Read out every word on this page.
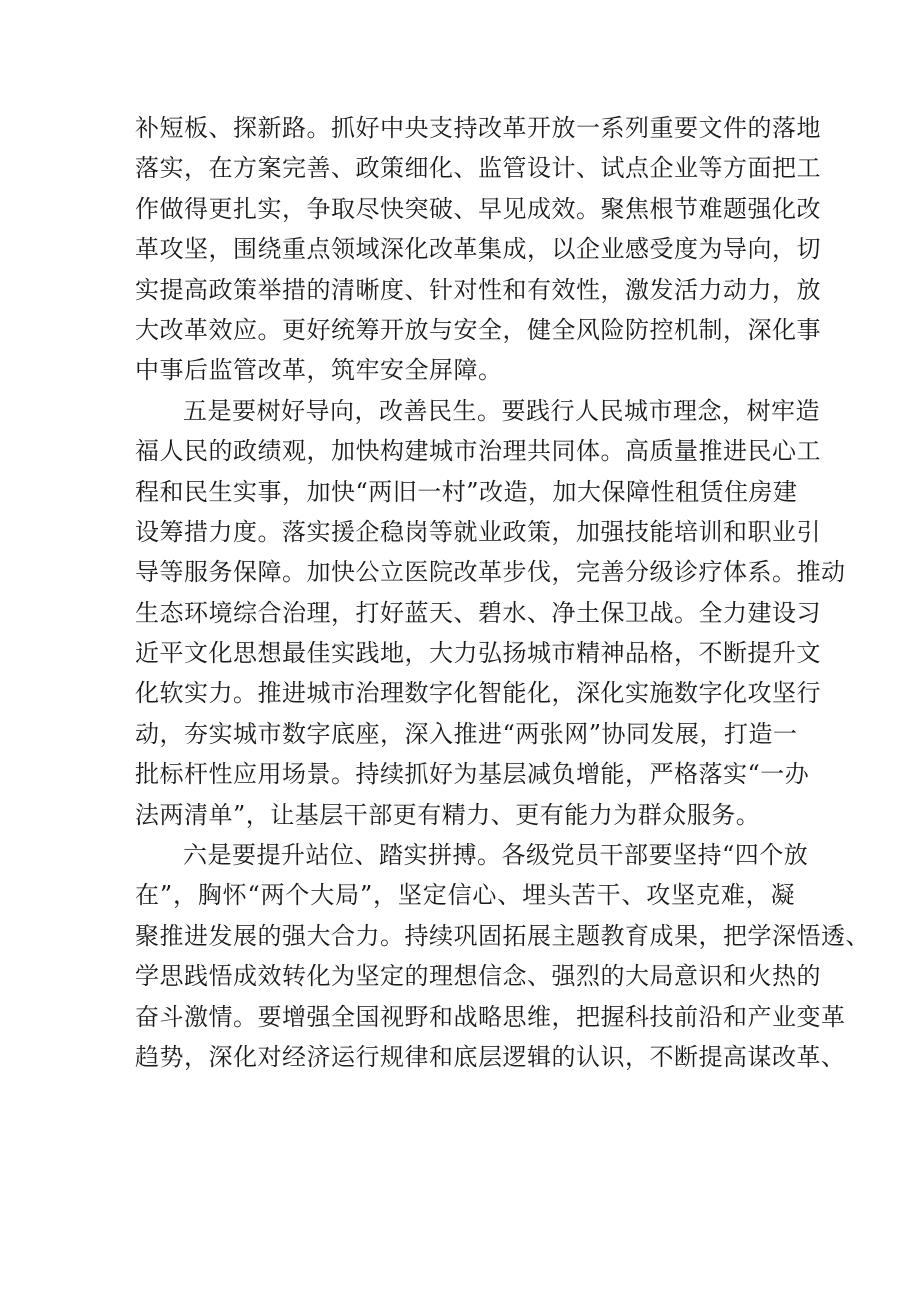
补短板、探新路。抓好中央支持改革开放一系列重要文件的落地
落实，在方案完善、政策细化、监管设计、试点企业等方面把工
作做得更扎实，争取尽快突破、早见成效。聚焦根节难题强化改
革攻坚，围绕重点领域深化改革集成，以企业感受度为导向，切
实提高政策举措的清晰度、针对性和有效性，激发活力动力，放
大改革效应。更好统筹开放与安全，健全风险防控机制，深化事
中事后监管改革，筑牢安全屏障。
五是要树好导向，改善民生。要践行人民城市理念，树牢造
福人民的政绩观，加快构建城市治理共同体。高质量推进民心工
程和民生实事，加快“两旧一村”改造，加大保障性租赁住房建
设筹措力度。落实援企稳岗等就业政策，加强技能培训和职业引
导等服务保障。加快公立医院改革步伐，完善分级诊疗体系。推动
生态环境综合治理，打好蓝天、碧水、净土保卫战。全力建设习
近平文化思想最佳实践地，大力弘扬城市精神品格，不断提升文
化软实力。推进城市治理数字化智能化，深化实施数字化攻坚行
动，夯实城市数字底座，深入推进“两张网”协同发展，打造一
批标杆性应用场景。持续抓好为基层减负增能，严格落实“一办
法两清单”，让基层干部更有精力、更有能力为群众服务。
六是要提升站位、踏实拼搏。各级党员干部要坚持“四个放
在”，胸怀“两个大局”，坚定信心、埋头苦干、攻坚克难，凝
聚推进发展的强大合力。持续巩固拓展主题教育成果，把学深悟透、
学思践悟成效转化为坚定的理想信念、强烈的大局意识和火热的
奋斗激情。要增强全国视野和战略思维，把握科技前沿和产业变革
趋势，深化对经济运行规律和底层逻辑的认识，不断提高谋改革、
